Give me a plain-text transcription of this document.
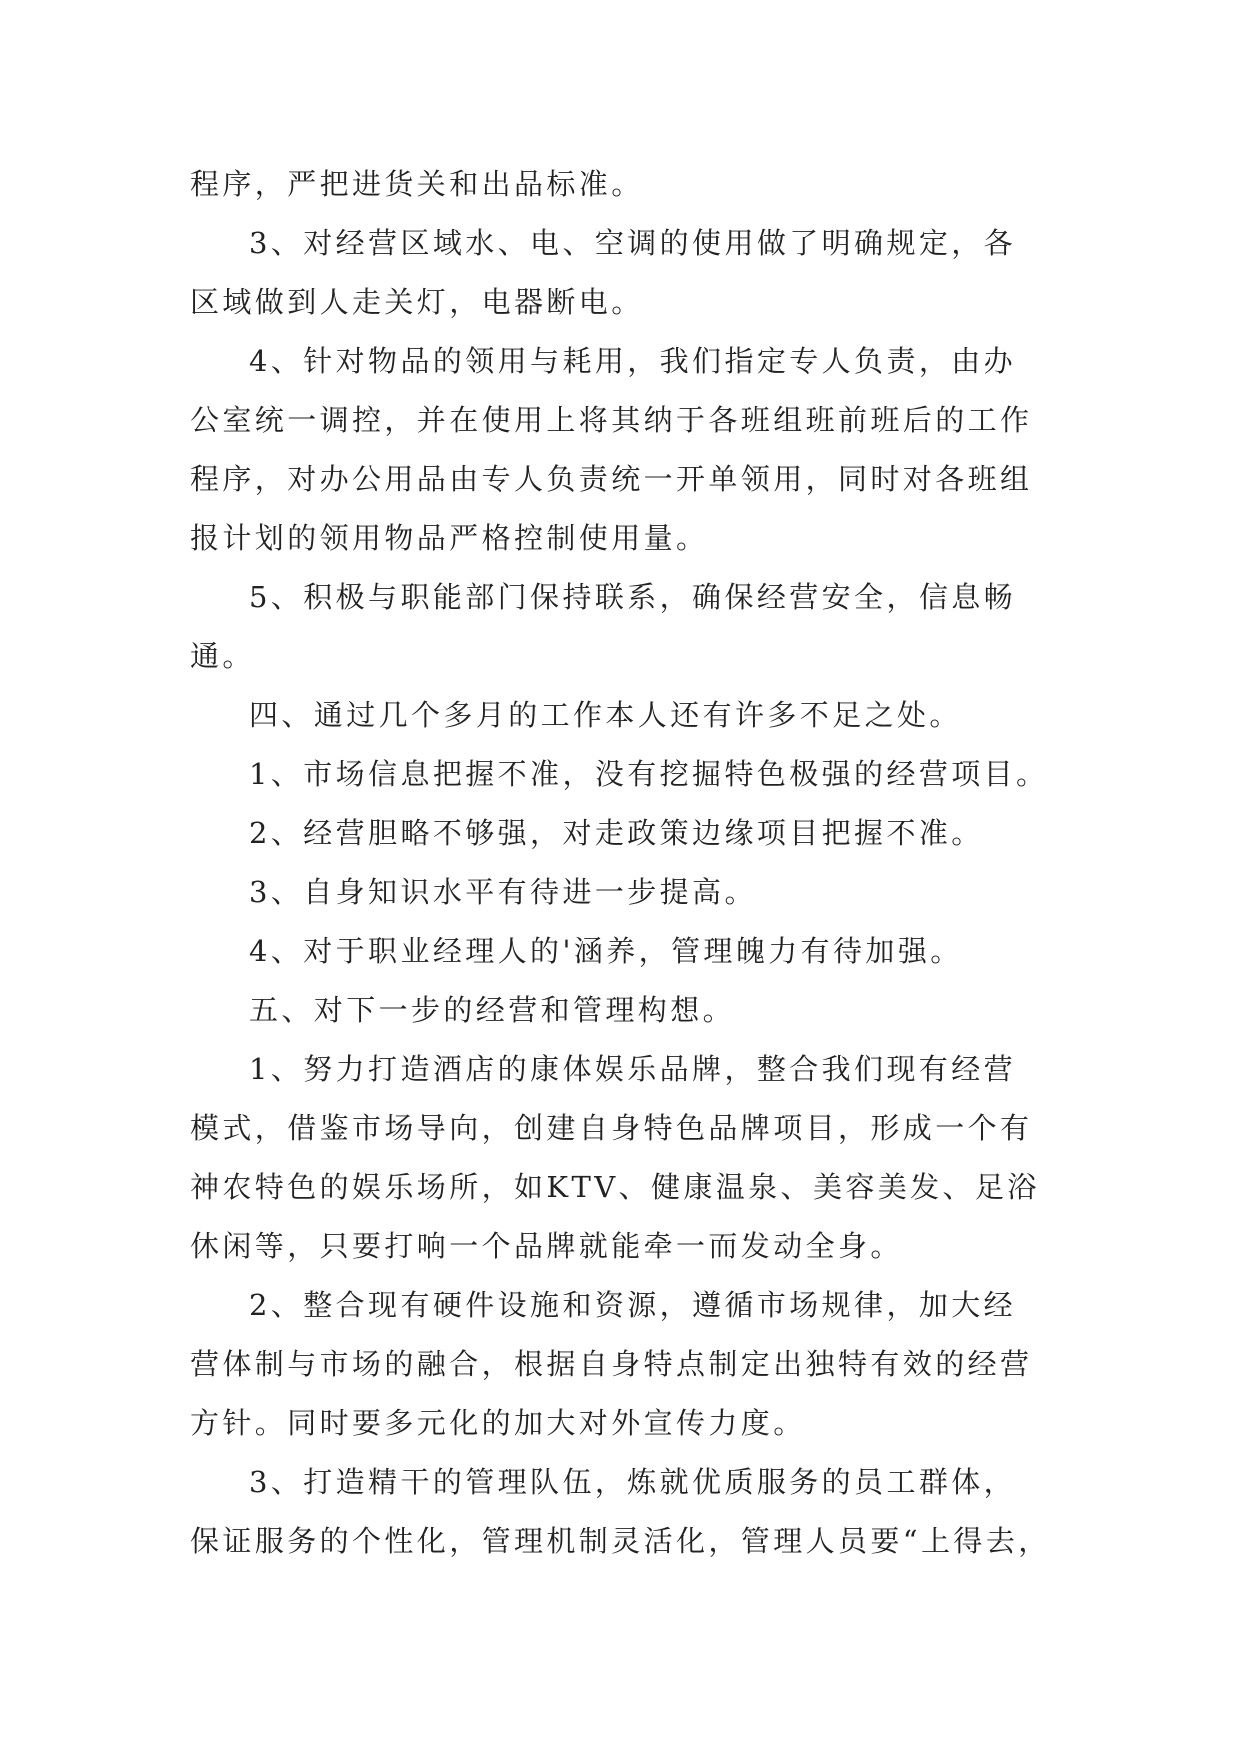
程序，严把进货关和出品标准。
3、对经营区域水、电、空调的使用做了明确规定，各
区域做到人走关灯，电器断电。
4、针对物品的领用与耗用，我们指定专人负责，由办
公室统一调控，并在使用上将其纳于各班组班前班后的工作
程序，对办公用品由专人负责统一开单领用，同时对各班组
报计划的领用物品严格控制使用量。
5、积极与职能部门保持联系，确保经营安全，信息畅
通。
四、通过几个多月的工作本人还有许多不足之处。
1、市场信息把握不准，没有挖掘特色极强的经营项目。
2、经营胆略不够强，对走政策边缘项目把握不准。
3、自身知识水平有待进一步提高。
4、对于职业经理人的'涵养，管理魄力有待加强。
五、对下一步的经营和管理构想。
1、努力打造酒店的康体娱乐品牌，整合我们现有经营
模式，借鉴市场导向，创建自身特色品牌项目，形成一个有
神农特色的娱乐场所，如KTV、健康温泉、美容美发、足浴
休闲等，只要打响一个品牌就能牵一而发动全身。
2、整合现有硬件设施和资源，遵循市场规律，加大经
营体制与市场的融合，根据自身特点制定出独特有效的经营
方针。同时要多元化的加大对外宣传力度。
3、打造精干的管理队伍，炼就优质服务的员工群体，
保证服务的个性化，管理机制灵活化，管理人员要“上得去，
